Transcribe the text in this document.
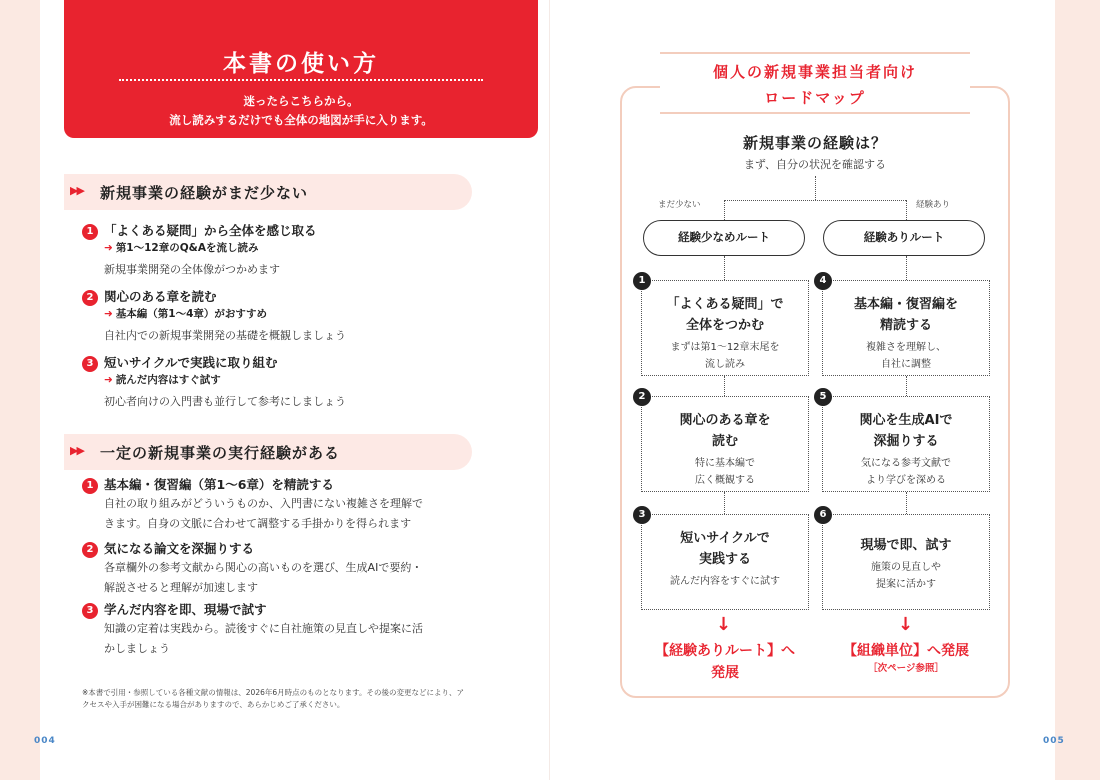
本書の使い方
迷ったらこちらから。
流し読みするだけでも全体の地図が手に入ります。
▶▶ 新規事業の経験がまだ少ない
1 「よくある疑問」から全体を感じ取る
➜ 第1～12章のQ&Aを流し読み
新規事業開発の全体像がつかめます
2 関心のある章を読む
➜ 基本編（第1～4章）がおすすめ
自社内での新規事業開発の基礎を概観しましょう
3 短いサイクルで実践に取り組む
➜ 読んだ内容はすぐ試す
初心者向けの入門書も並行して参考にしましょう
▶▶ 一定の新規事業の実行経験がある
1 基本編・復習編（第1～6章）を精読する
自社の取り組みがどういうものか、入門書にない複雑さを理解で
きます。自身の文脈に合わせて調整する手掛かりを得られます
2 気になる論文を深掘りする
各章欄外の参考文献から関心の高いものを選び、生成AIで要約・
解説させると理解が加速します
3 学んだ内容を即、現場で試す
知識の定着は実践から。読後すぐに自社施策の見直しや提案に活
かしましょう
※本書で引用・参照している各種文献の情報は、2026年6月時点のものとなります。その後の変更などにより、ア
クセスや入手が困難になる場合がありますので、あらかじめご了承ください。
004
個人の新規事業担当者向け
ロードマップ
新規事業の経験は？
まず、自分の状況を確認する
まだ少ない	経験あり
経験少なめルート	経験ありルート
1
「よくある疑問」で
全体をつかむ
まずは第1～12章末尾を
流し読み
4
基本編・復習編を
精読する
複雑さを理解し、
自社に調整
2
関心のある章を
読む
特に基本編で
広く概観する
5
関心を生成AIで
深掘りする
気になる参考文献で
より学びを深める
3
短いサイクルで
実践する
読んだ内容をすぐに試す
6
現場で即、試す
施策の見直しや
提案に活かす
↓	↓
【経験ありルート】へ
発展
【組織単位】へ発展
［次ページ参照］
005
